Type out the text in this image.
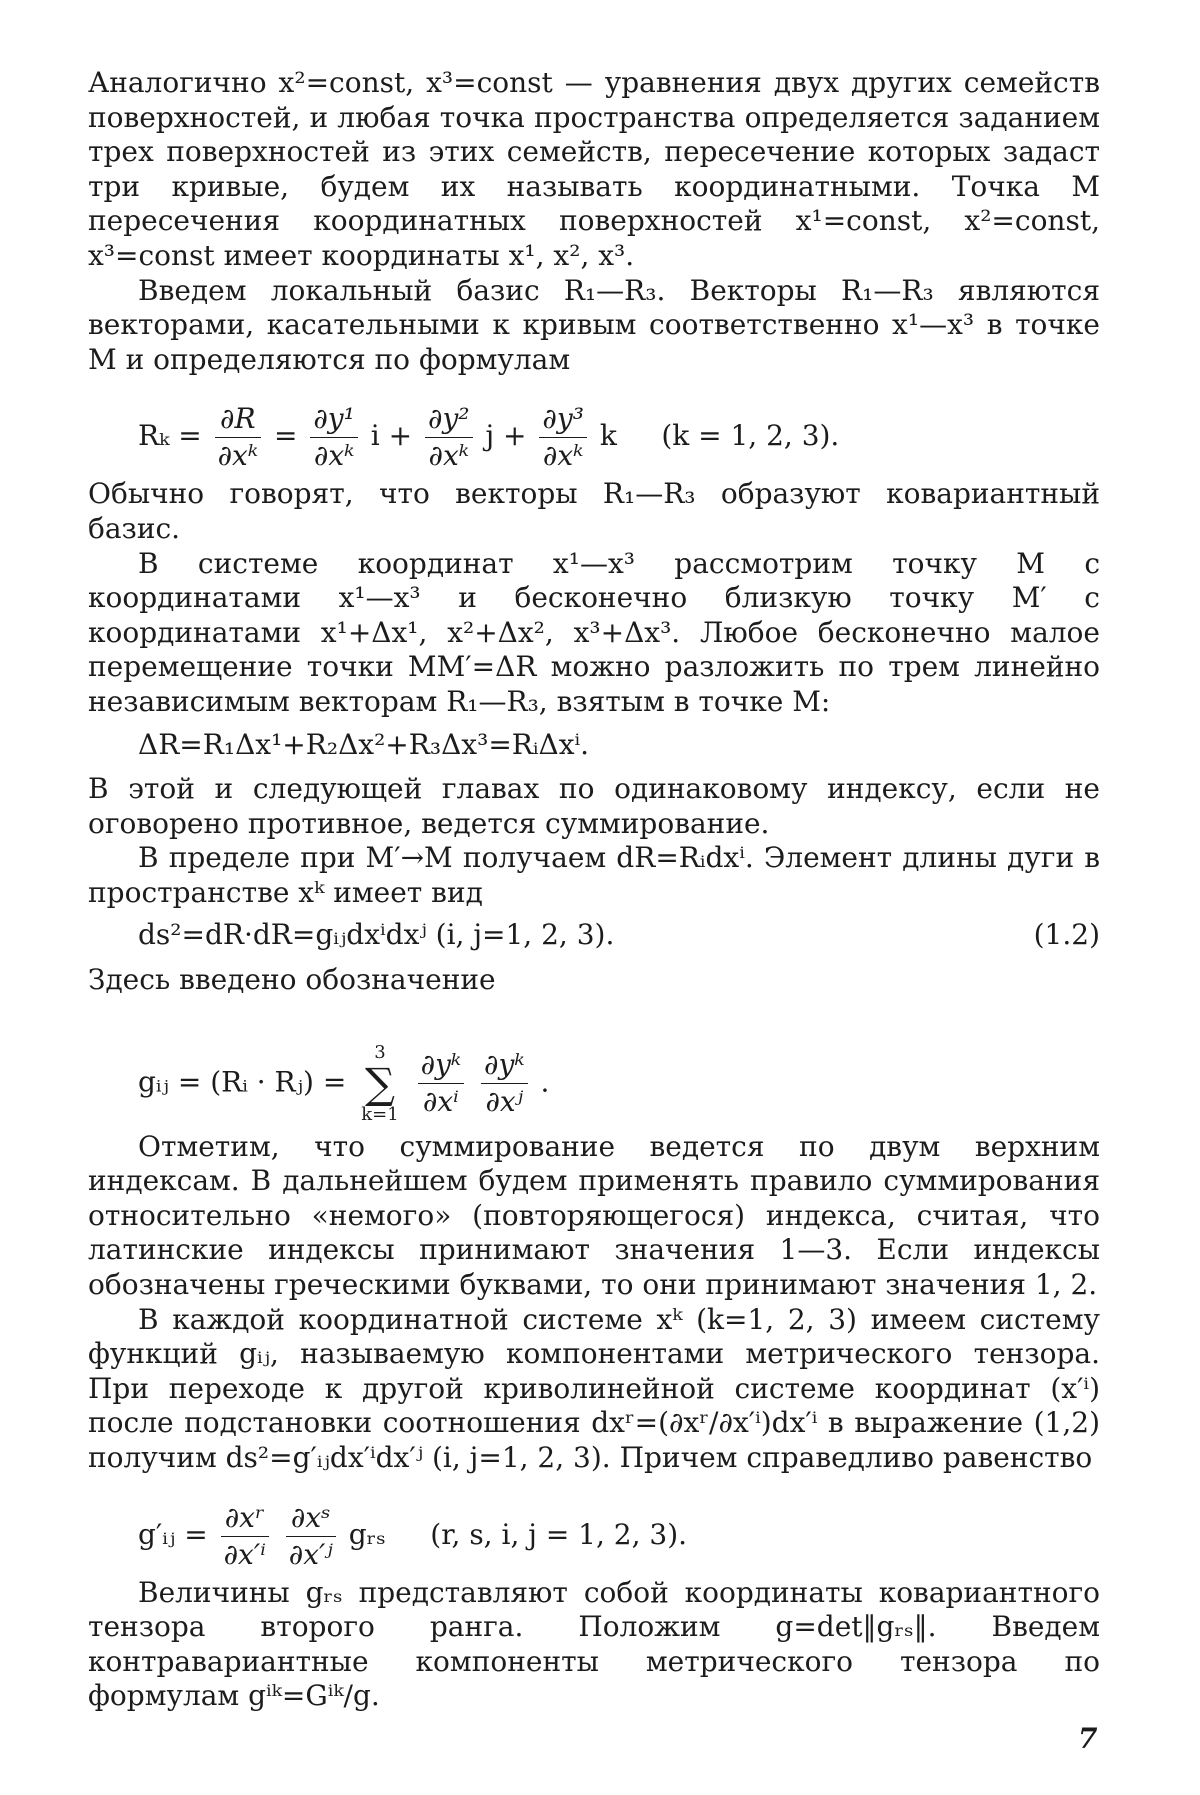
Аналогично x²=const, x³=const — уравнения двух других семейств поверхностей, и любая точка пространства определяется заданием трех поверхностей из этих семейств, пересечение которых задаст три кривые, будем их называть координатными. Точка M пересечения координатных поверхностей x¹=const, x²=const, x³=const имеет координаты x¹, x², x³.

Введем локальный базис R₁—R₃. Векторы R₁—R₃ являются векторами, касательными к кривым соответственно x¹—x³ в точке M и определяются по формулам

$R_k = \frac{\partial R}{\text{∂xᵏ}} = \frac{\text{∂y¹}}{\text{∂xᵏ}}$ $i + \frac{\text{∂y²}}{\text{∂xᵏ}}$ $j + \frac{\text{∂y³}}{\text{∂xᵏ}}$ k (k = 1, 2, 3).

Обычно говорят, что векторы R₁—R₃ образуют ковариантный базис.

В системе координат x¹—x³ рассмотрим точку M с координатами x¹—x³ и бесконечно близкую точку M′ с координатами x¹+Δx¹, x²+Δx², x³+Δx³. Любое бесконечно малое перемещение точки MM′=ΔR можно разложить по трем линейно независимым векторам R₁—R₃, взятым в точке M:

ΔR=R₁Δx¹+R₂Δx²+R₃Δx³=RᵢΔxⁱ.

В этой и следующей главах по одинаковому индексу, если не оговорено противное, ведется суммирование.

В пределе при M′→M получаем dR=Rᵢdxⁱ. Элемент длины дуги в пространстве xᵏ имеет вид

ds²=dR·dR=gᵢⱼdxⁱdxʲ (i, j=1, 2, 3).	(1.2)

Здесь введено обозначение

gᵢⱼ = (Rᵢ · Rⱼ) =
3
∑
k=1
$\frac{\text{∂yᵏ}}{\text{∂xⁱ}}$
$\frac{\text{∂yᵏ}}{\text{∂xʲ}}$ .

Отметим, что суммирование ведется по двум верхним индексам. В дальнейшем будем применять правило суммирования относительно «немого» (повторяющегося) индекса, считая, что латинские индексы принимают значения 1—3. Если индексы обозначены греческими буквами, то они принимают значения 1, 2.

В каждой координатной системе xᵏ (k=1, 2, 3) имеем систему функций gᵢⱼ, называемую компонентами метрического тензора. При переходе к другой криволинейной системе координат (x′ⁱ) после подстановки соотношения dxʳ=(∂xʳ/∂x′ⁱ)dx′ⁱ в выражение (1,2) получим ds²=g′ᵢⱼdx′ⁱdx′ʲ (i, j=1, 2, 3). Причем справедливо равенство

g′ᵢⱼ = $\frac{\text{∂xʳ}}{\text{∂x′ⁱ}}$
$\frac{\text{∂xˢ}}{\text{∂x′ʲ}}$ gᵣₛ (r, s, i, j = 1, 2, 3).

Величины gᵣₛ представляют собой координаты ковариантного тензора второго ранга. Положим g=det‖gᵣₛ‖. Введем контравариантные компоненты метрического тензора по формулам gⁱᵏ=Gⁱᵏ/g.

7
